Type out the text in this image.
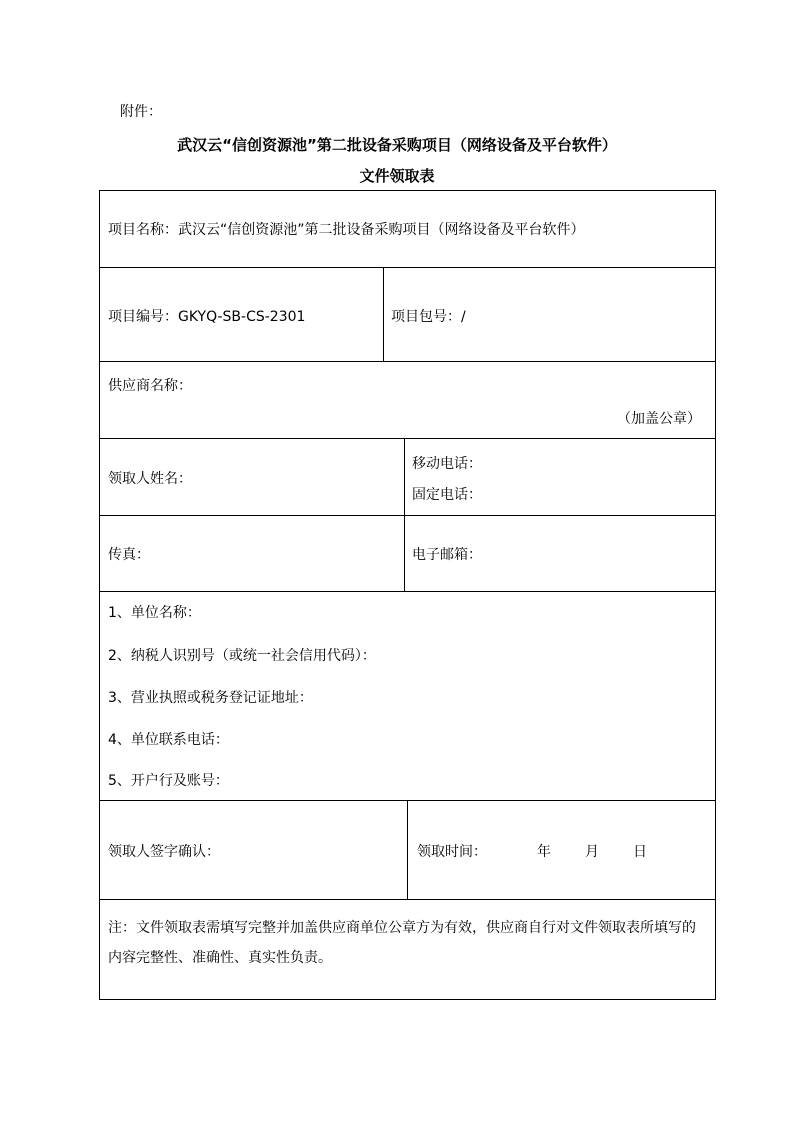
附件：
武汉云“信创资源池”第二批设备采购项目（网络设备及平台软件）
文件领取表
项目名称：武汉云“信创资源池”第二批设备采购项目（网络设备及平台软件）
项目编号：GKYQ-SB-CS-2301	项目包号：/
供应商名称：
（加盖公章）
领取人姓名：
移动电话：
固定电话：
传真：	电子邮箱：
1、单位名称：
2、纳税人识别号（或统一社会信用代码）：
3、营业执照或税务登记证地址：
4、单位联系电话：
5、开户行及账号：
领取人签字确认：	领取时间：	年 月 日
注：文件领取表需填写完整并加盖供应商单位公章方为有效，供应商自行对文件领取表所填写的内容完整性、准确性、真实性负责。
